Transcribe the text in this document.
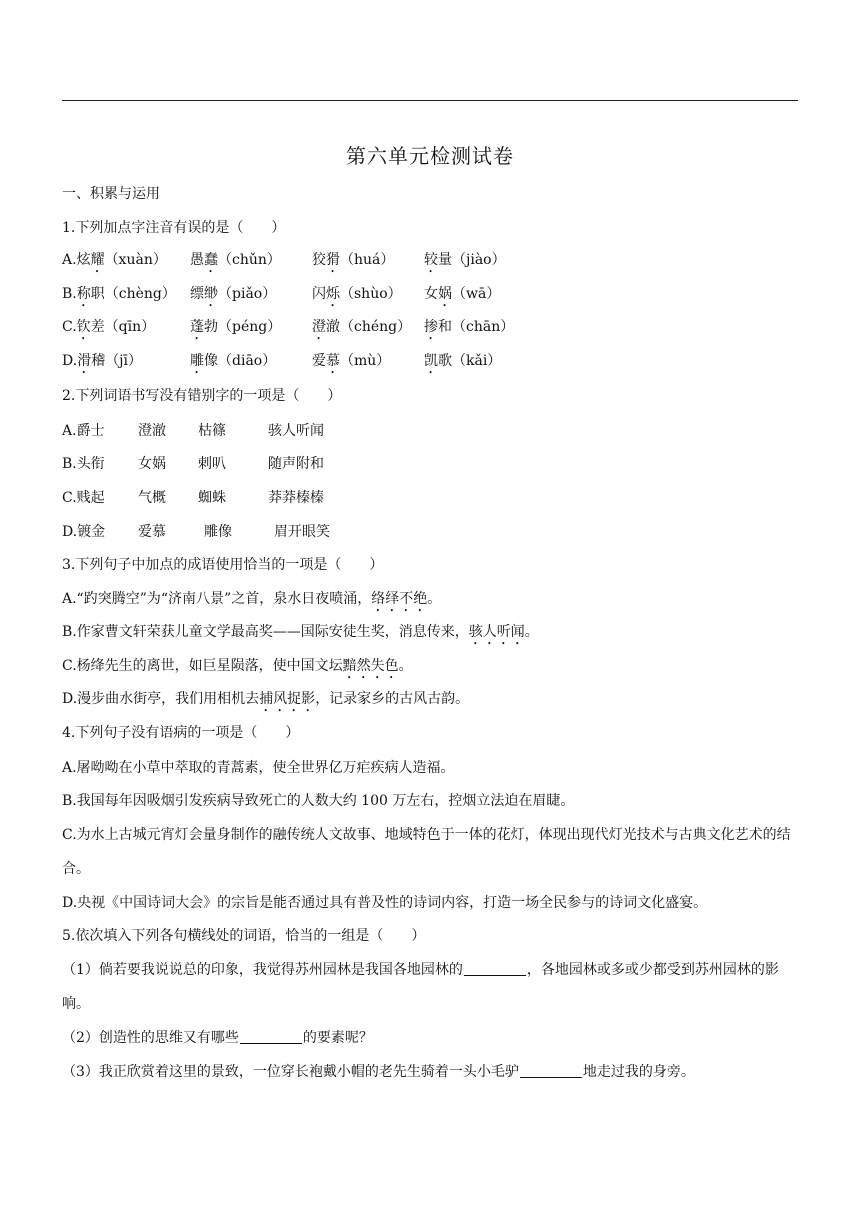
第六单元检测试卷
一、积累与运用
1.下列加点字注音有误的是（　　）
A.炫耀（xuàn） 愚蠢（chǔn） 狡猾（huá） 较量（jiào）
B.称职（chèng） 缥缈（piǎo）	闪烁（shùo） 女娲（wā）
C.钦差（qīn） 蓬勃（péng） 澄澈（chéng） 掺和（chān）
D.滑稽（jī）	雕像（diāo）	爱慕（mù） 凯歌（kǎi）
2.下列词语书写没有错别字的一项是（　　）
A.爵士 澄澈 枯篠	骇人听闻
B.头衔 女娲 剌叭	随声附和
C.贱起 气概 蜘蛛	莽莽榛榛
D.镀金 爱慕	雕像	眉开眼笑
3.下列句子中加点的成语使用恰当的一项是（　　）
A.“趵突腾空”为“济南八景”之首，泉水日夜喷涌，络绎不绝。
B.作家曹文轩荣获儿童文学最高奖——国际安徒生奖，消息传来，骇人听闻。
C.杨绛先生的离世，如巨星陨落，使中国文坛黯然失色。
D.漫步曲水街亭，我们用相机去捕风捉影，记录家乡的古风古韵。
4.下列句子没有语病的一项是（　　）
A.屠呦呦在小草中萃取的青蒿素，使全世界亿万疟疾病人造福。
B.我国每年因吸烟引发疾病导致死亡的人数大约 100 万左右，控烟立法迫在眉睫。
C.为水上古城元宵灯会量身制作的融传统人文故事、地域特色于一体的花灯，体现出现代灯光技术与古典文化艺术的结合。
D.央视《中国诗词大会》的宗旨是能否通过具有普及性的诗词内容，打造一场全民参与的诗词文化盛宴。
5.依次填入下列各句横线处的词语，恰当的一组是（　　）
（1）倘若要我说说总的印象，我觉得苏州园林是我国各地园林的	，各地园林或多或少都受到苏州园林的影响。
（2）创造性的思维又有哪些	的要素呢？
（3）我正欣赏着这里的景致，一位穿长袍戴小帽的老先生骑着一头小毛驴	地走过我的身旁。
